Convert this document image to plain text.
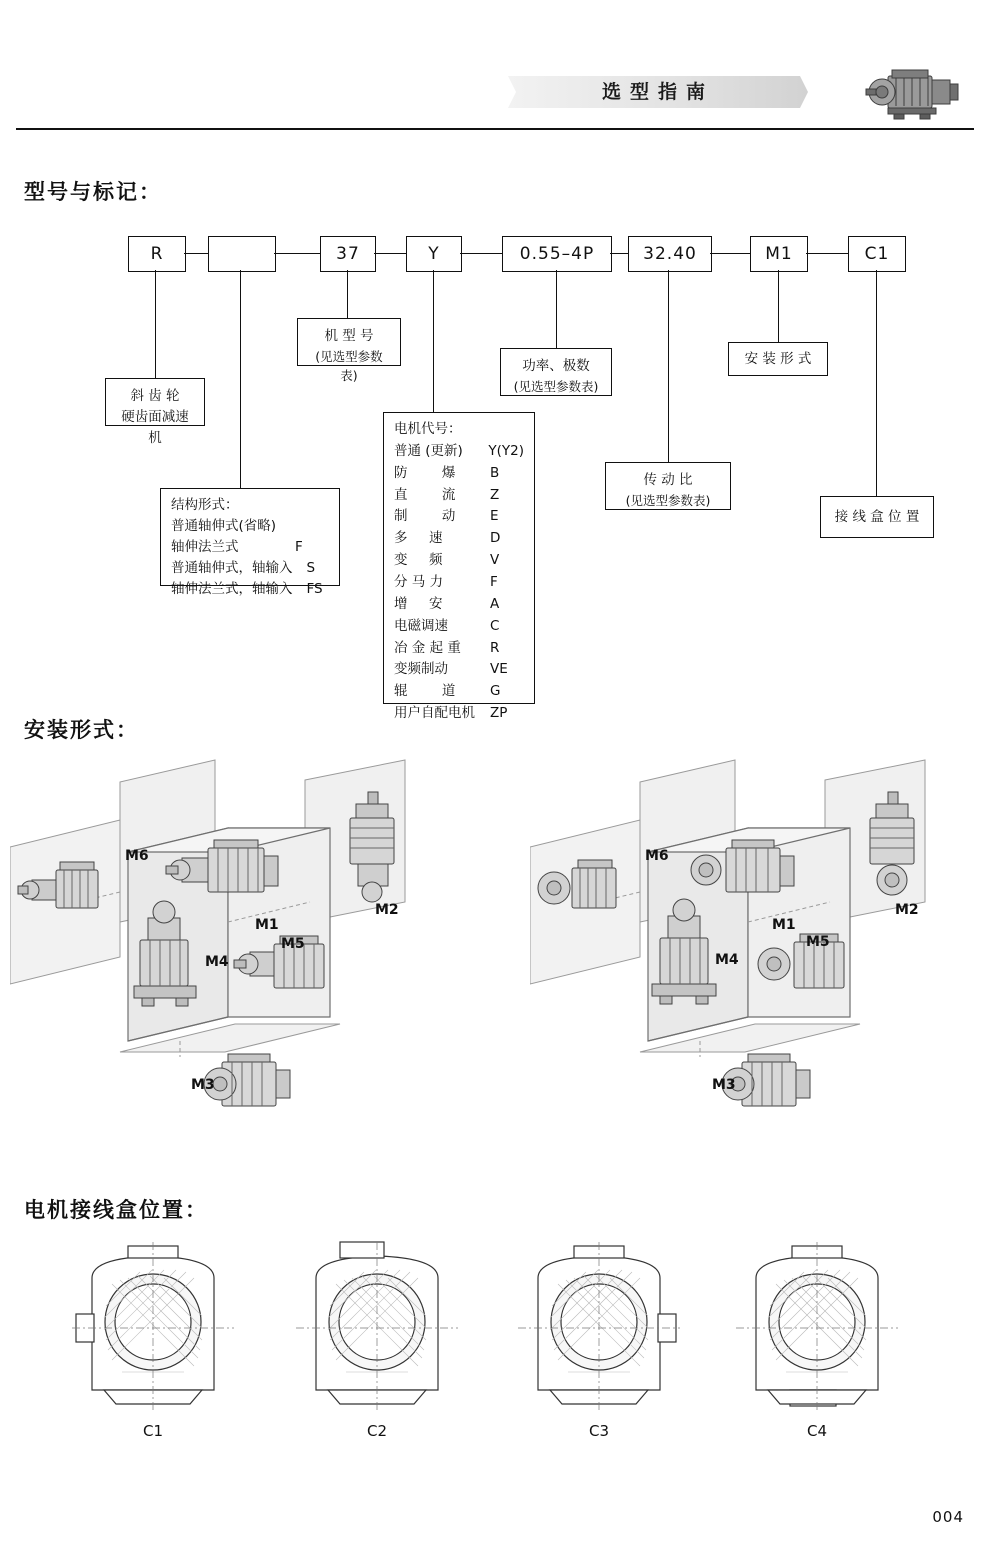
选型指南
型号与标记：
R	37	Y	0.55–4P	32.40	M1	C1
斜 齿 轮
硬齿面减速机
机 型 号
(见选型参数表)
功率、极数
(见选型参数表)
安 装 形 式
传 动 比
(见选型参数表)
接 线 盒 位 置
结构形式：
普通轴伸式(省略)
轴伸法兰式	F
普通轴伸式，轴输入 S
轴伸法兰式，轴输入 FS
电机代号：
普通 (更新) Y(Y2)
防        爆	B
直        流	Z
制        动	E
多     速	D
变     频	V
分 马 力	F
增     安	A
电磁调速	C
冶 金 起 重 R
变频制动	VE
辊        道	G
用户自配电机 ZP
安装形式：
M6
M1
M2
M4
M5
M3
M6
M1
M2
M4
M5
M3
电机接线盒位置：
C1	C2	C3	C4
004
